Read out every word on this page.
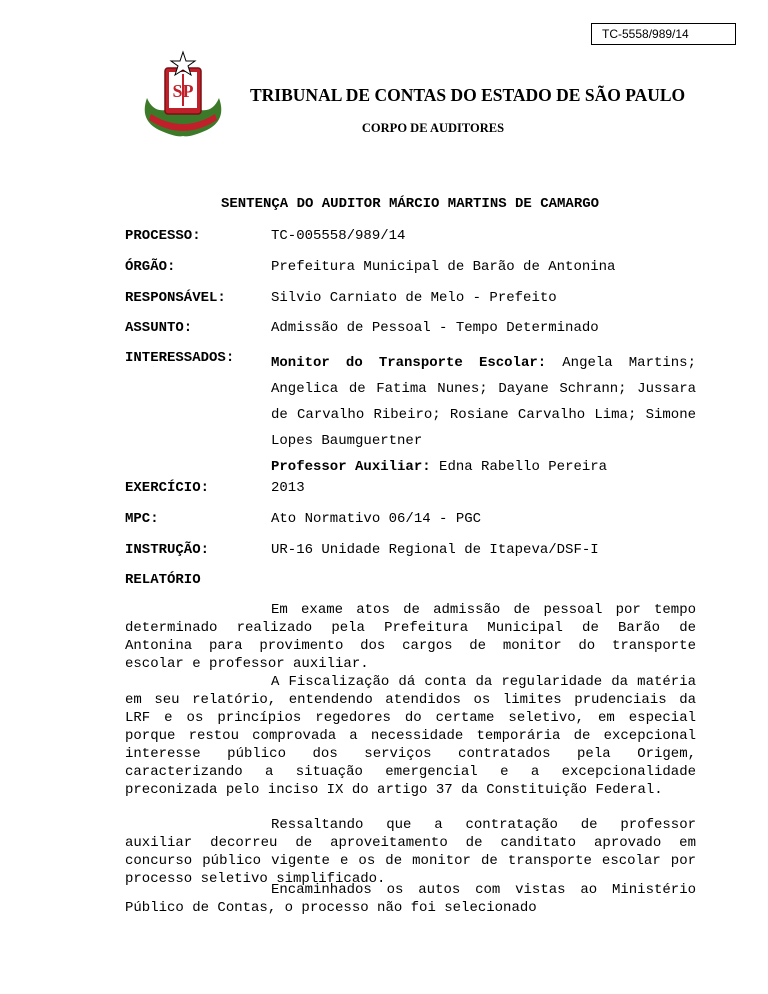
TC-5558/989/14
SP	TRIBUNAL DE CONTAS DO ESTADO DE SÃO PAULO
CORPO DE AUDITORES
SENTENÇA DO AUDITOR MÁRCIO MARTINS DE CAMARGO
PROCESSO:	TC-005558/989/14
ÓRGÃO:	Prefeitura Municipal de Barão de Antonina
RESPONSÁVEL:	Silvio Carniato de Melo - Prefeito
ASSUNTO:	Admissão de Pessoal - Tempo Determinado
INTERESSADOS:	Monitor do Transporte Escolar: Angela Martins; Angelica de Fatima Nunes; Dayane Schrann; Jussara de Carvalho Ribeiro; Rosiane Carvalho Lima; Simone Lopes Baumguertner
Professor Auxiliar: Edna Rabello Pereira
EXERCÍCIO:	2013
MPC:	Ato Normativo 06/14 - PGC
INSTRUÇÃO:	UR-16 Unidade Regional de Itapeva/DSF-I
RELATÓRIO

Em exame atos de admissão de pessoal por tempo determinado realizado pela Prefeitura Municipal de Barão de Antonina para provimento dos cargos de monitor do transporte escolar e professor auxiliar.

A Fiscalização dá conta da regularidade da matéria em seu relatório, entendendo atendidos os limites prudenciais da LRF e os princípios regedores do certame seletivo, em especial porque restou comprovada a necessidade temporária de excepcional interesse público dos serviços contratados pela Origem, caracterizando a situação emergencial e a excepcionalidade preconizada pelo inciso IX do artigo 37 da Constituição Federal.

Ressaltando que a contratação de professor auxiliar decorreu de aproveitamento de canditato aprovado em concurso público vigente e os de monitor de transporte escolar por processo seletivo simplificado.

Encaminhados os autos com vistas ao Ministério Público de Contas, o processo não foi selecionado
